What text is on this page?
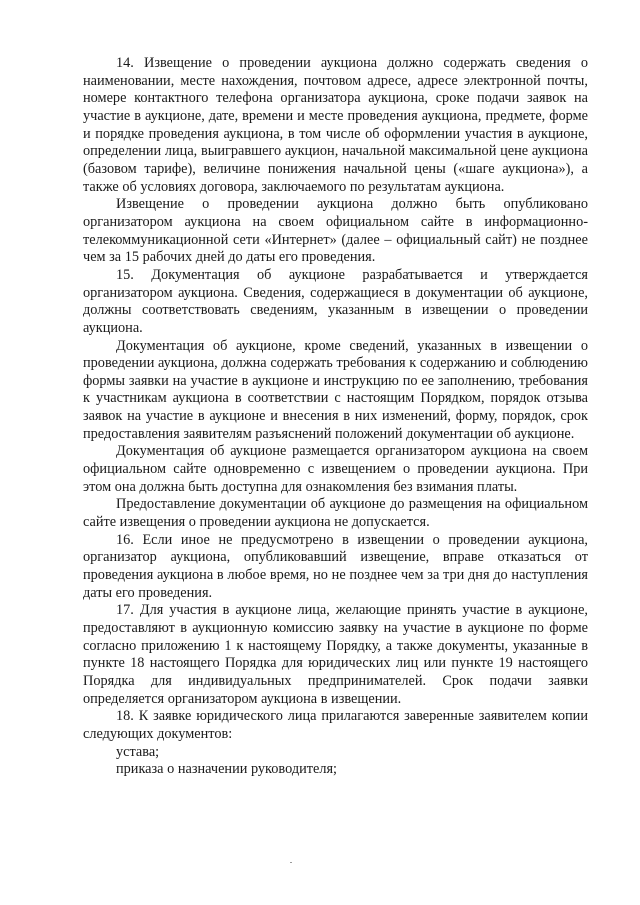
14. Извещение о проведении аукциона должно содержать сведения о наименовании, месте нахождения, почтовом адресе, адресе электронной почты, номере контактного телефона организатора аукциона, сроке подачи заявок на участие в аукционе, дате, времени и месте проведения аукциона, предмете, форме и порядке проведения аукциона, в том числе об оформлении участия в аукционе, определении лица, выигравшего аукцион, начальной максимальной цене аукциона (базовом тарифе), величине понижения начальной цены («шаге аукциона»), а также об условиях договора, заключаемого по результатам аукциона.

Извещение о проведении аукциона должно быть опубликовано организатором аукциона на своем официальном сайте в информационно-телекоммуникационной сети «Интернет» (далее – официальный сайт) не позднее чем за 15 рабочих дней до даты его проведения.

15. Документация об аукционе разрабатывается и утверждается организатором аукциона. Сведения, содержащиеся в документации об аукционе, должны соответствовать сведениям, указанным в извещении о проведении аукциона.

Документация об аукционе, кроме сведений, указанных в извещении о проведении аукциона, должна содержать требования к содержанию и соблюдению формы заявки на участие в аукционе и инструкцию по ее заполнению, требования к участникам аукциона в соответствии с настоящим Порядком, порядок отзыва заявок на участие в аукционе и внесения в них изменений, форму, порядок, срок предоставления заявителям разъяснений положений документации об аукционе.

Документация об аукционе размещается организатором аукциона на своем официальном сайте одновременно с извещением о проведении аукциона. При этом она должна быть доступна для ознакомления без взимания платы.

Предоставление документации об аукционе до размещения на официальном сайте извещения о проведении аукциона не допускается.

16. Если иное не предусмотрено в извещении о проведении аукциона, организатор аукциона, опубликовавший извещение, вправе отказаться от проведения аукциона в любое время, но не позднее чем за три дня до наступления даты его проведения.

17. Для участия в аукционе лица, желающие принять участие в аукционе, предоставляют в аукционную комиссию заявку на участие в аукционе по форме согласно приложению 1 к настоящему Порядку, а также документы, указанные в пункте 18 настоящего Порядка для юридических лиц или пункте 19 настоящего Порядка для индивидуальных предпринимателей. Срок подачи заявки определяется организатором аукциона в извещении.

18. К заявке юридического лица прилагаются заверенные заявителем копии следующих документов:

устава;

приказа о назначении руководителя;
